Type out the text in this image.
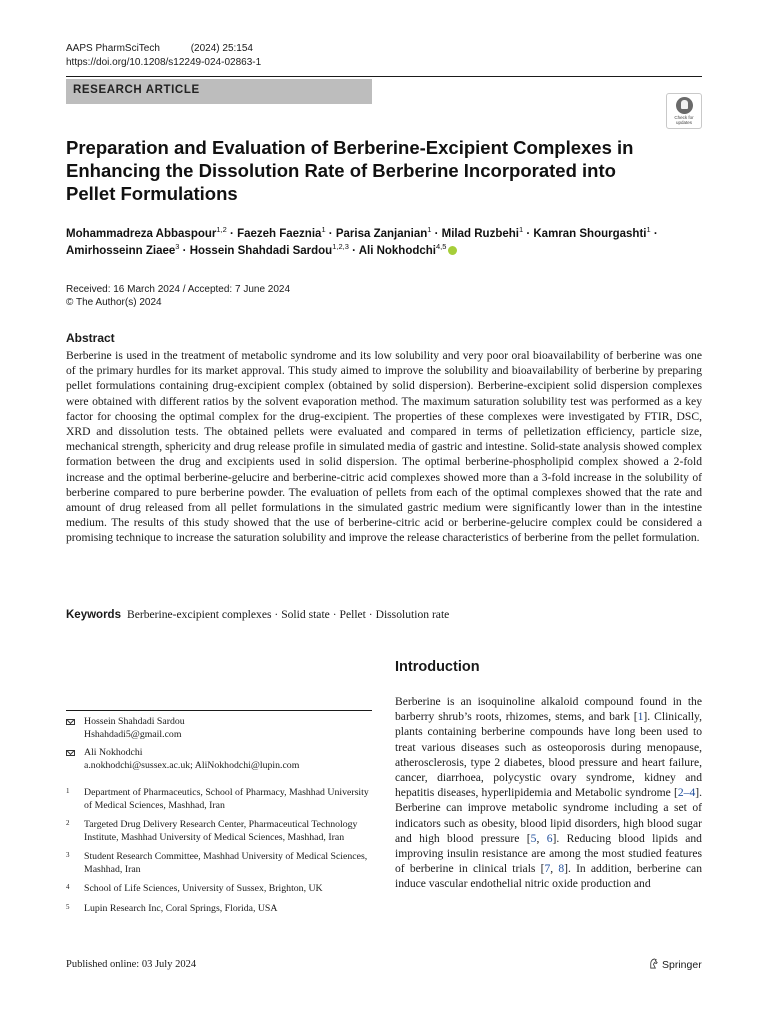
AAPS PharmSciTech	(2024) 25:154
https://doi.org/10.1208/s12249-024-02863-1
RESEARCH ARTICLE
Check for
updates
Preparation and Evaluation of Berberine-Excipient Complexes in Enhancing the Dissolution Rate of Berberine Incorporated into Pellet Formulations
Mohammadreza Abbaspour$^{1,2}$ · Faezeh Faeznia$^1$ · Parisa Zanjanian$^1$ · Milad Ruzbehi$^1$ · Kamran Shourgashti$^1$ · Amirhosseinn Ziaee$^3$ · Hossein Shahdadi Sardou$^{1,2,3}$ · Ali Nokhodchi$^{4,5}$
Received: 16 March 2024 / Accepted: 7 June 2024
© The Author(s) 2024
Abstract

Berberine is used in the treatment of metabolic syndrome and its low solubility and very poor oral bioavailability of berberine was one of the primary hurdles for its market approval. This study aimed to improve the solubility and bioavailability of berberine by preparing pellet formulations containing drug-excipient complex (obtained by solid dispersion). Berberine-excipient solid dispersion complexes were obtained with different ratios by the solvent evaporation method. The maximum saturation solubility test was performed as a key factor for choosing the optimal complex for the drug-excipient. The properties of these complexes were investigated by FTIR, DSC, XRD and dissolution tests. The obtained pellets were evaluated and compared in terms of pelletization efficiency, particle size, mechanical strength, sphericity and drug release profile in simulated media of gastric and intestine. Solid-state analysis showed complex formation between the drug and excipients used in solid dispersion. The optimal berberine-phospholipid complex showed a 2-fold increase and the optimal berberine-gelucire and berberine-citric acid complexes showed more than a 3-fold increase in the solubility of berberine compared to pure berberine powder. The evaluation of pellets from each of the optimal complexes showed that the rate and amount of drug released from all pellet formulations in the simulated gastric medium were significantly lower than in the intestine medium. The results of this study showed that the use of berberine-citric acid or berberine-gelucire complex could be considered a promising technique to increase the saturation solubility and improve the release characteristics of berberine from the pellet formulation.

Keywords Berberine-excipient complexes · Solid state · Pellet · Dissolution rate
Introduction

Berberine is an isoquinoline alkaloid compound found in the barberry shrub’s roots, rhizomes, stems, and bark [1]. Clinically, plants containing berberine compounds have long been used to treat various diseases such as osteoporosis during menopause, atherosclerosis, type 2 diabetes, blood pressure and heart failure, cancer, diarrhoea, polycystic ovary syndrome, kidney and hepatitis diseases, hyperlipidemia and Metabolic syndrome [2–4]. Berberine can improve metabolic syndrome including a set of indicators such as obesity, blood lipid disorders, high blood sugar and high blood pressure [5, 6]. Reducing blood lipids and improving insulin resistance are among the most studied features of berberine in clinical trials [7, 8]. In addition, berberine can induce vascular endothelial nitric oxide production and

Hossein Shahdadi Sardou
Hshahdadi5@gmail.com
Ali Nokhodchi
a.nokhodchi@sussex.ac.uk; AliNokhodchi@lupin.com
1 Department of Pharmaceutics, School of Pharmacy, Mashhad University of Medical Sciences, Mashhad, Iran
2 Targeted Drug Delivery Research Center, Pharmaceutical Technology Institute, Mashhad University of Medical Sciences, Mashhad, Iran
3 Student Research Committee, Mashhad University of Medical Sciences, Mashhad, Iran
4 School of Life Sciences, University of Sussex, Brighton, UK
5 Lupin Research Inc, Coral Springs, Florida, USA
Published online: 03 July 2024	Springer
